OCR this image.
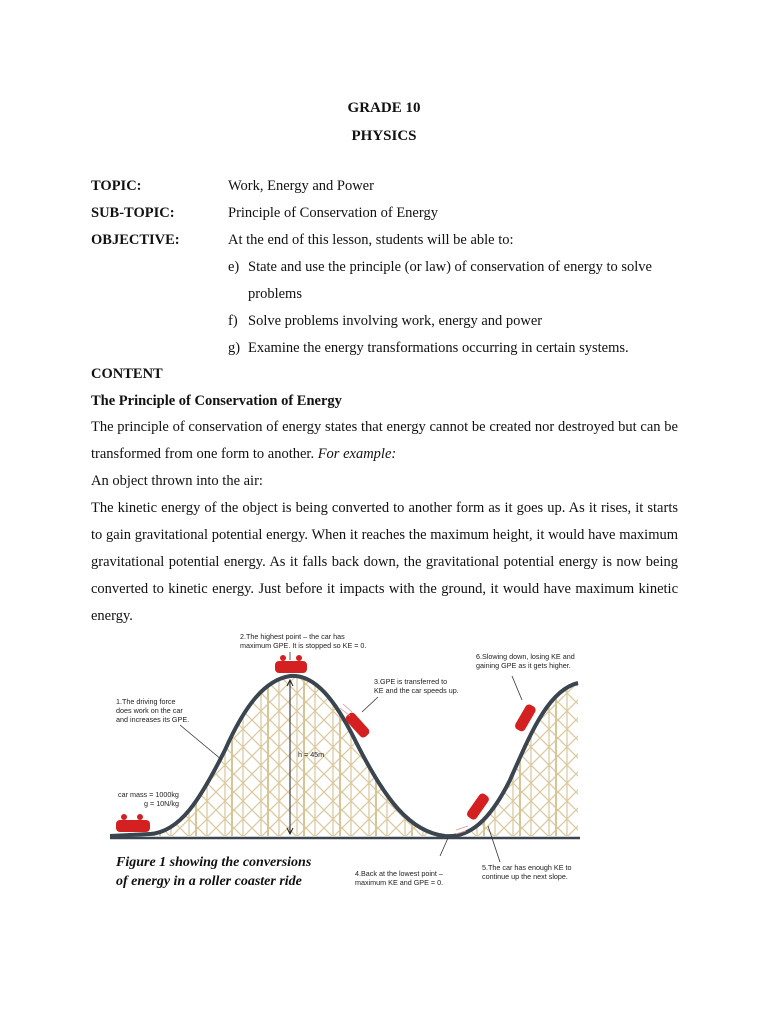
GRADE 10
PHYSICS
TOPIC:	Work, Energy and Power
SUB-TOPIC:	Principle of Conservation of Energy
OBJECTIVE:	At the end of this lesson, students will be able to:
e) State and use the principle (or law) of conservation of energy to solve
problems
f) Solve problems involving work, energy and power
g) Examine the energy transformations occurring in certain systems.
CONTENT
The Principle of Conservation of Energy
The principle of conservation of energy states that energy cannot be created nor destroyed but can be transformed from one form to another. For example:
An object thrown into the air:
The kinetic energy of the object is being converted to another form as it goes up. As it rises, it starts to gain gravitational potential energy. When it reaches the maximum height, it would have maximum gravitational potential energy. As it falls back down, the gravitational potential energy is now being converted to kinetic energy. Just before it impacts with the ground, it would have maximum kinetic energy.
2.The highest point – the car has
maximum GPE. It is stopped so KE = 0.
6.Slowing down, losing KE and
gaining GPE as it gets higher.
3.GPE is transferred to
KE and the car speeds up.
1.The driving force
does work on the car
and increases its GPE.
h = 45m
car mass = 1000kg
g = 10N/kg
4.Back at the lowest point –
maximum KE and GPE = 0.
5.The car has enough KE to
continue up the next slope.
Figure 1 showing the conversions
of energy in a roller coaster ride
